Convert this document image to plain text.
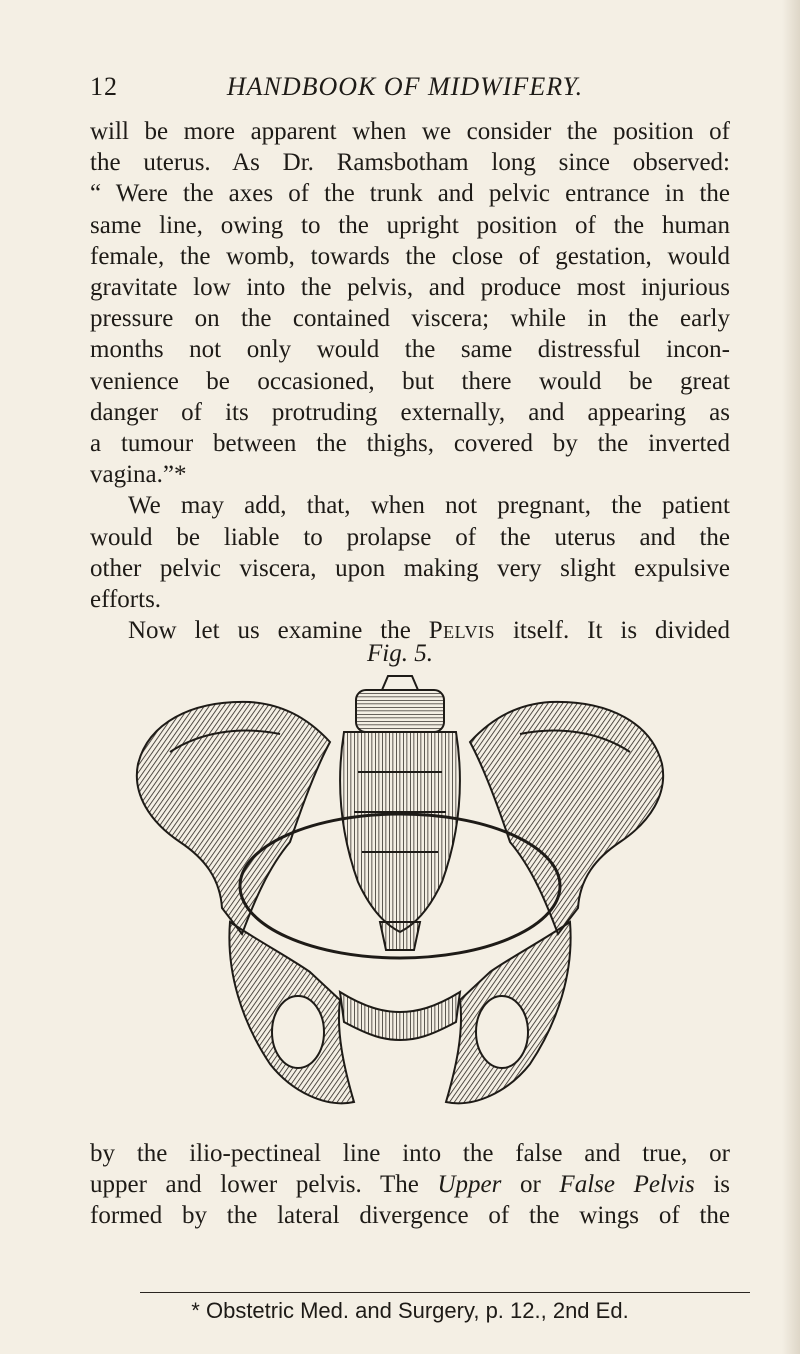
12	HANDBOOK OF MIDWIFERY.
will be more apparent when we consider the position of
the uterus. As Dr. Ramsbotham long since observed:
“ Were the axes of the trunk and pelvic entrance in the
same line, owing to the upright position of the human
female, the womb, towards the close of gestation, would
gravitate low into the pelvis, and produce most injurious
pressure on the contained viscera; while in the early
months not only would the same distressful incon-
venience be occasioned, but there would be great
danger of its protruding externally, and appearing as
a tumour between the thighs, covered by the inverted
vagina.”*
We may add, that, when not pregnant, the patient
would be liable to prolapse of the uterus and the
other pelvic viscera, upon making very slight expulsive
efforts.
Now let us examine the Pelvis itself. It is divided
Fig. 5.
by the ilio-pectineal line into the false and true, or
upper and lower pelvis. The Upper or False Pelvis is
formed by the lateral divergence of the wings of the
* Obstetric Med. and Surgery, p. 12., 2nd Ed.
